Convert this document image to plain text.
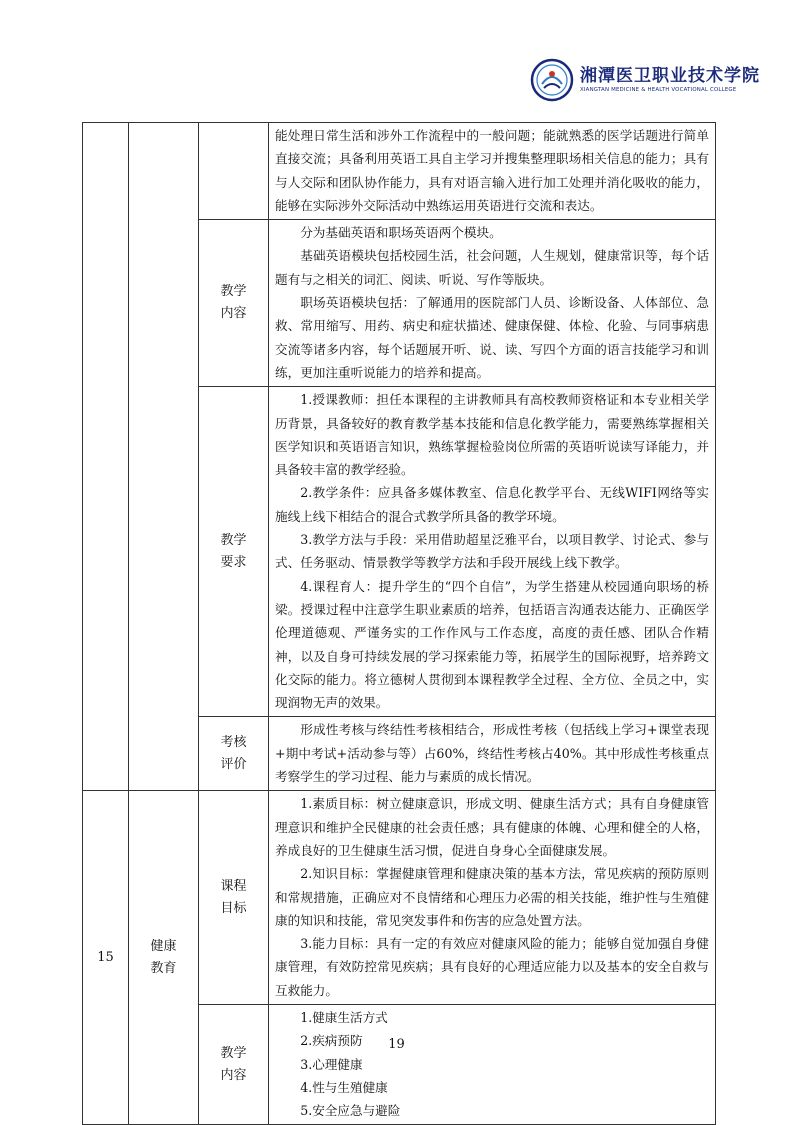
湘潭医卫职业技术学院
XIANGTAN MEDICINE & HEALTH VOCATIONAL COLLEGE

			能处理日常生活和涉外工作流程中的一般问题；能就熟悉的医学话题进行简单直接交流；具备利用英语工具自主学习并搜集整理职场相关信息的能力；具有与人交际和团队协作能力，具有对语言输入进行加工处理并消化吸收的能力，能够在实际涉外交际活动中熟练运用英语进行交流和表达。

		教学内容	分为基础英语和职场英语两个模块。

基础英语模块包括校园生活，社会问题，人生规划，健康常识等，每个话题有与之相关的词汇、阅读、听说、写作等版块。

职场英语模块包括：了解通用的医院部门人员、诊断设备、人体部位、急救、常用缩写、用药、病史和症状描述、健康保健、体检、化验、与同事病患交流等诸多内容，每个话题展开听、说、读、写四个方面的语言技能学习和训练，更加注重听说能力的培养和提高。

		教学要求	1.授课教师：担任本课程的主讲教师具有高校教师资格证和本专业相关学历背景，具备较好的教育教学基本技能和信息化教学能力，需要熟练掌握相关医学知识和英语语言知识，熟练掌握检验岗位所需的英语听说读写译能力，并具备较丰富的教学经验。

2.教学条件：应具备多媒体教室、信息化教学平台、无线WIFI网络等实施线上线下相结合的混合式教学所具备的教学环境。

3.教学方法与手段：采用借助超星泛雅平台，以项目教学、讨论式、参与式、任务驱动、情景教学等教学方法和手段开展线上线下教学。

4.课程育人：提升学生的“四个自信”，为学生搭建从校园通向职场的桥梁。授课过程中注意学生职业素质的培养，包括语言沟通表达能力、正确医学伦理道德观、严谨务实的工作作风与工作态度，高度的责任感、团队合作精神，以及自身可持续发展的学习探索能力等，拓展学生的国际视野，培养跨文化交际的能力。将立德树人贯彻到本课程教学全过程、全方位、全员之中，实现润物无声的效果。

		考核评价	形成性考核与终结性考核相结合，形成性考核（包括线上学习+课堂表现+期中考试+活动参与等）占60%，终结性考核占40%。其中形成性考核重点考察学生的学习过程、能力与素质的成长情况。

15	健康教育	课程目标	1.素质目标：树立健康意识，形成文明、健康生活方式；具有自身健康管理意识和维护全民健康的社会责任感；具有健康的体魄、心理和健全的人格，养成良好的卫生健康生活习惯，促进自身身心全面健康发展。

2.知识目标：掌握健康管理和健康决策的基本方法，常见疾病的预防原则和常规措施，正确应对不良情绪和心理压力必需的相关技能，维护性与生殖健康的知识和技能，常见突发事件和伤害的应急处置方法。

3.能力目标：具有一定的有效应对健康风险的能力；能够自觉加强自身健康管理，有效防控常见疾病；具有良好的心理适应能力以及基本的安全自救与互救能力。

		教学内容	1.健康生活方式

2.疾病预防

3.心理健康

4.性与生殖健康

5.安全应急与避险

19
